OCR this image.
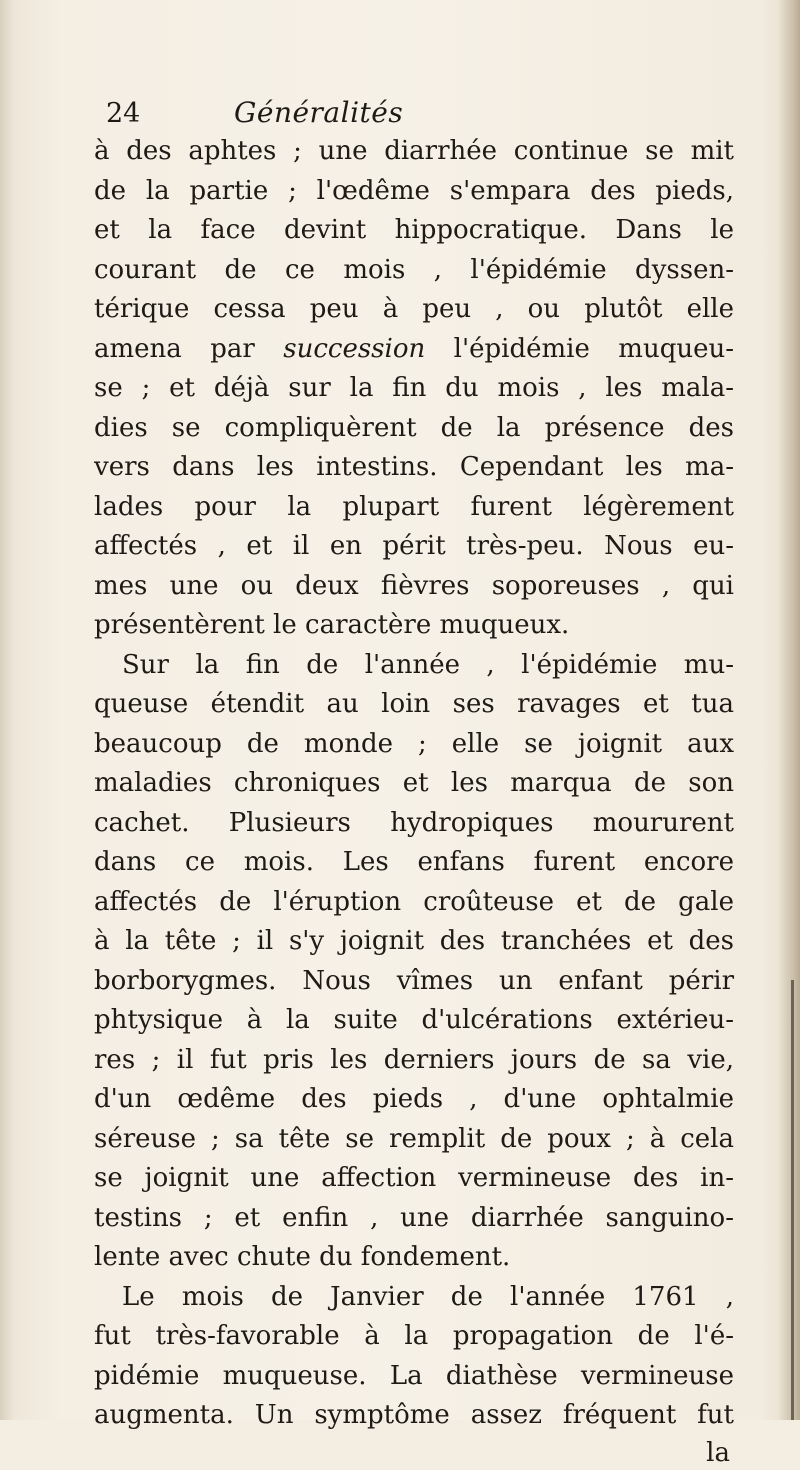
24	Généralités
à des aphtes ; une diarrhée continue se mit
de la partie ; l'œdême s'empara des pieds,
et la face devint hippocratique. Dans le
courant de ce mois , l'épidémie dyssen-
térique cessa peu à peu , ou plutôt elle
amena par succession l'épidémie muqueu-
se ; et déjà sur la fin du mois , les mala-
dies se compliquèrent de la présence des
vers dans les intestins. Cependant les ma-
lades pour la plupart furent légèrement
affectés , et il en périt très-peu. Nous eu-
mes une ou deux fièvres soporeuses , qui
présentèrent le caractère muqueux.
Sur la fin de l'année , l'épidémie mu-
queuse étendit au loin ses ravages et tua
beaucoup de monde ; elle se joignit aux
maladies chroniques et les marqua de son
cachet. Plusieurs hydropiques moururent
dans ce mois. Les enfans furent encore
affectés de l'éruption croûteuse et de gale
à la tête ; il s'y joignit des tranchées et des
borborygmes. Nous vîmes un enfant périr
phtysique à la suite d'ulcérations extérieu-
res ; il fut pris les derniers jours de sa vie,
d'un œdême des pieds , d'une ophtalmie
séreuse ; sa tête se remplit de poux ; à cela
se joignit une affection vermineuse des in-
testins ; et enfin , une diarrhée sanguino-
lente avec chute du fondement.
Le mois de Janvier de l'année 1761 ,
fut très-favorable à la propagation de l'é-
pidémie muqueuse. La diathèse vermineuse
augmenta. Un symptôme assez fréquent fut
la
